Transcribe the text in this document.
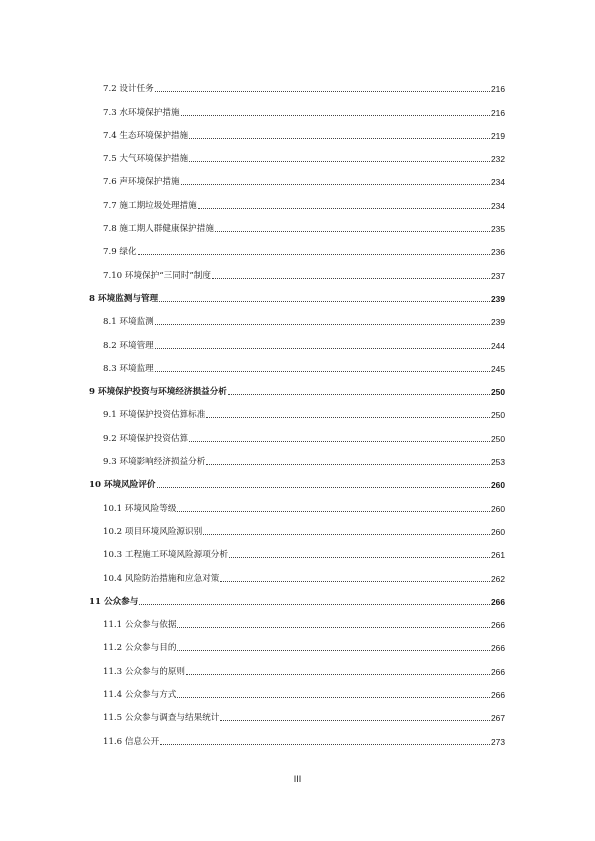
7.2 设计任务	216
7.3 水环境保护措施	216
7.4 生态环境保护措施	219
7.5 大气环境保护措施	232
7.6 声环境保护措施	234
7.7 施工期垃圾处理措施	234
7.8 施工期人群健康保护措施	235
7.9 绿化	236
7.10 环境保护“三同时”制度	237
8 环境监测与管理	239
8.1 环境监测	239
8.2 环境管理	244
8.3 环境监理	245
9 环境保护投资与环境经济损益分析	250
9.1 环境保护投资估算标准	250
9.2 环境保护投资估算	250
9.3 环境影响经济损益分析	253
10 环境风险评价	260
10.1 环境风险等级	260
10.2 项目环境风险源识别	260
10.3 工程施工环境风险源项分析	261
10.4 风险防治措施和应急对策	262
11 公众参与	266
11.1 公众参与依据	266
11.2 公众参与目的	266
11.3 公众参与的原则	266
11.4 公众参与方式	266
11.5 公众参与调查与结果统计	267
11.6 信息公开	273
III
